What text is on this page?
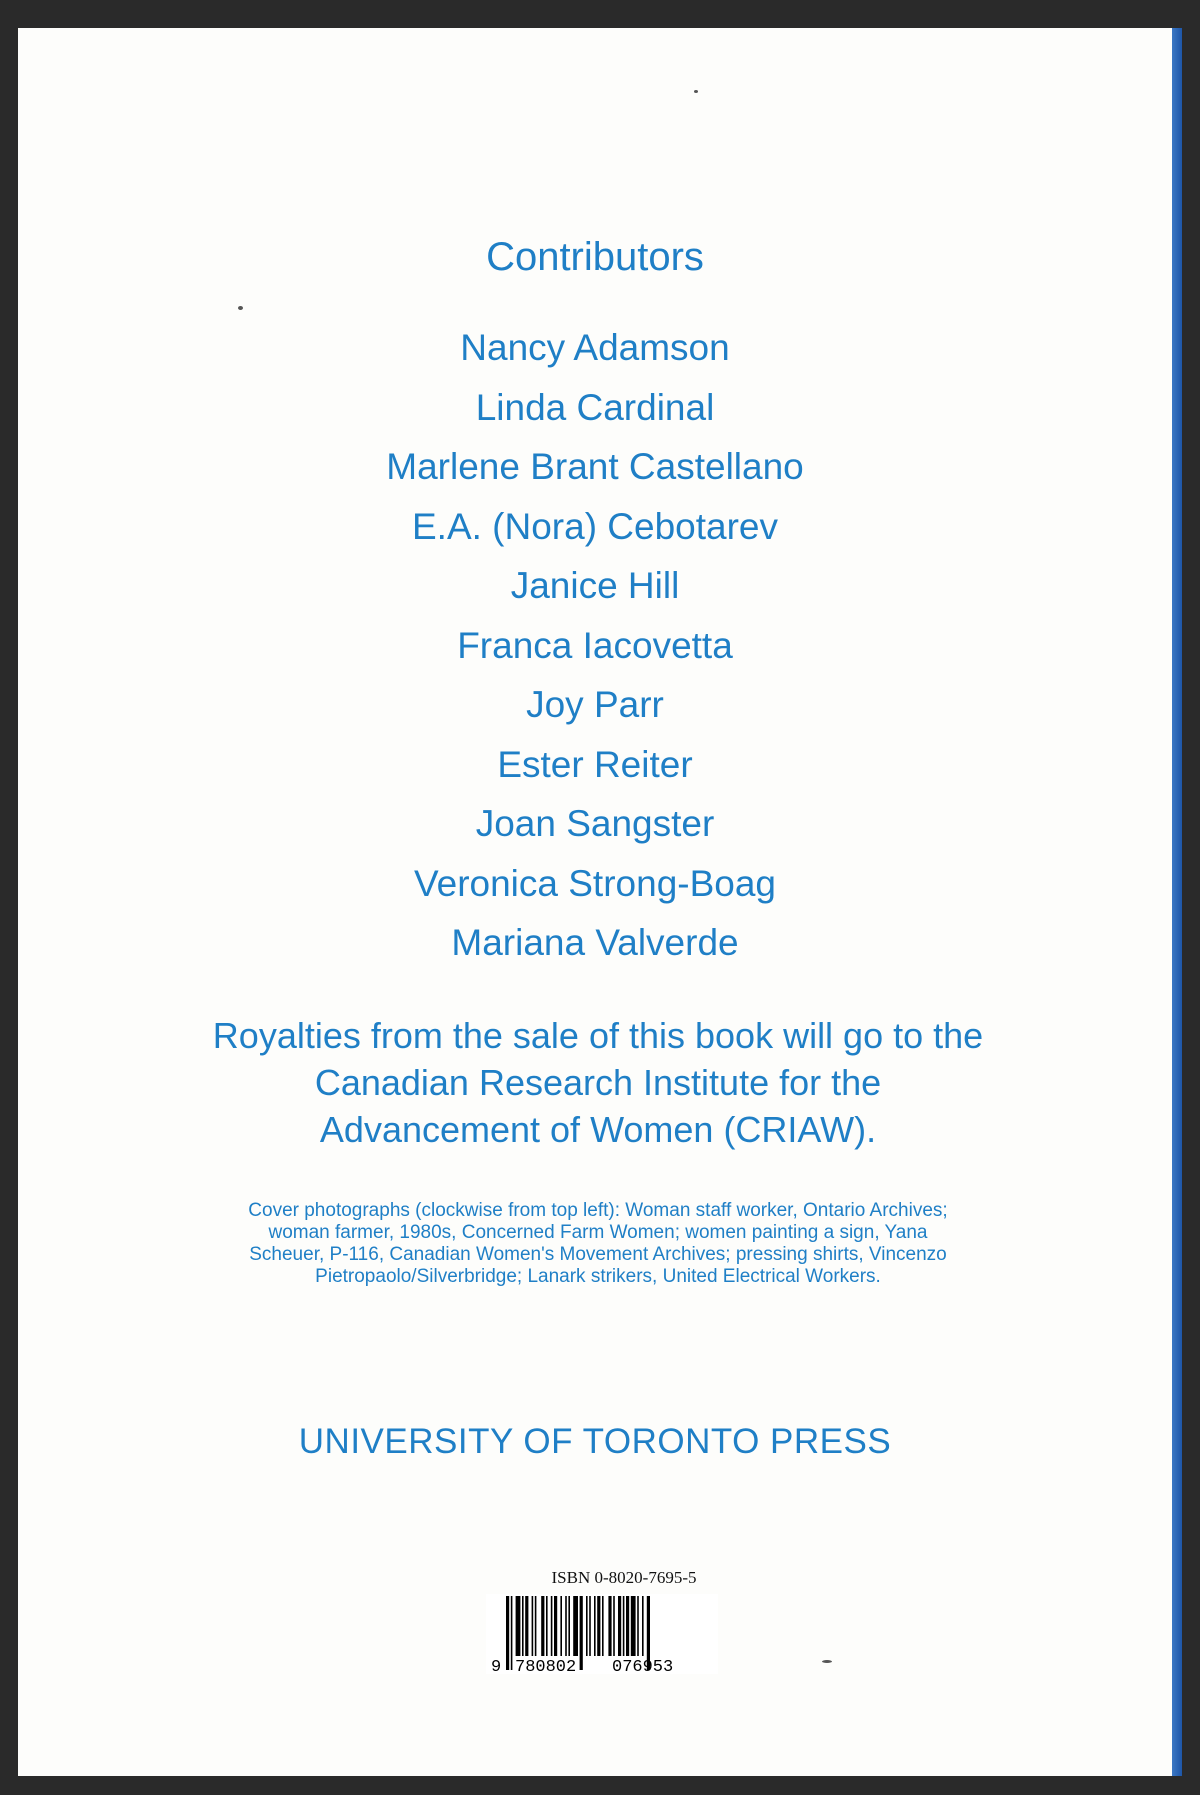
Contributors
Nancy Adamson
Linda Cardinal
Marlene Brant Castellano
E.A. (Nora) Cebotarev
Janice Hill
Franca Iacovetta
Joy Parr
Ester Reiter
Joan Sangster
Veronica Strong-Boag
Mariana Valverde
Royalties from the sale of this book will go to the
Canadian Research Institute for the
Advancement of Women (CRIAW).
Cover photographs (clockwise from top left): Woman staff worker, Ontario Archives;
woman farmer, 1980s, Concerned Farm Women; women painting a sign, Yana
Scheuer, P-116, Canadian Women's Movement Archives; pressing shirts, Vincenzo
Pietropaolo/Silverbridge; Lanark strikers, United Electrical Workers.
UNIVERSITY OF TORONTO PRESS
ISBN 0-8020-7695-5
9 780802 076953
